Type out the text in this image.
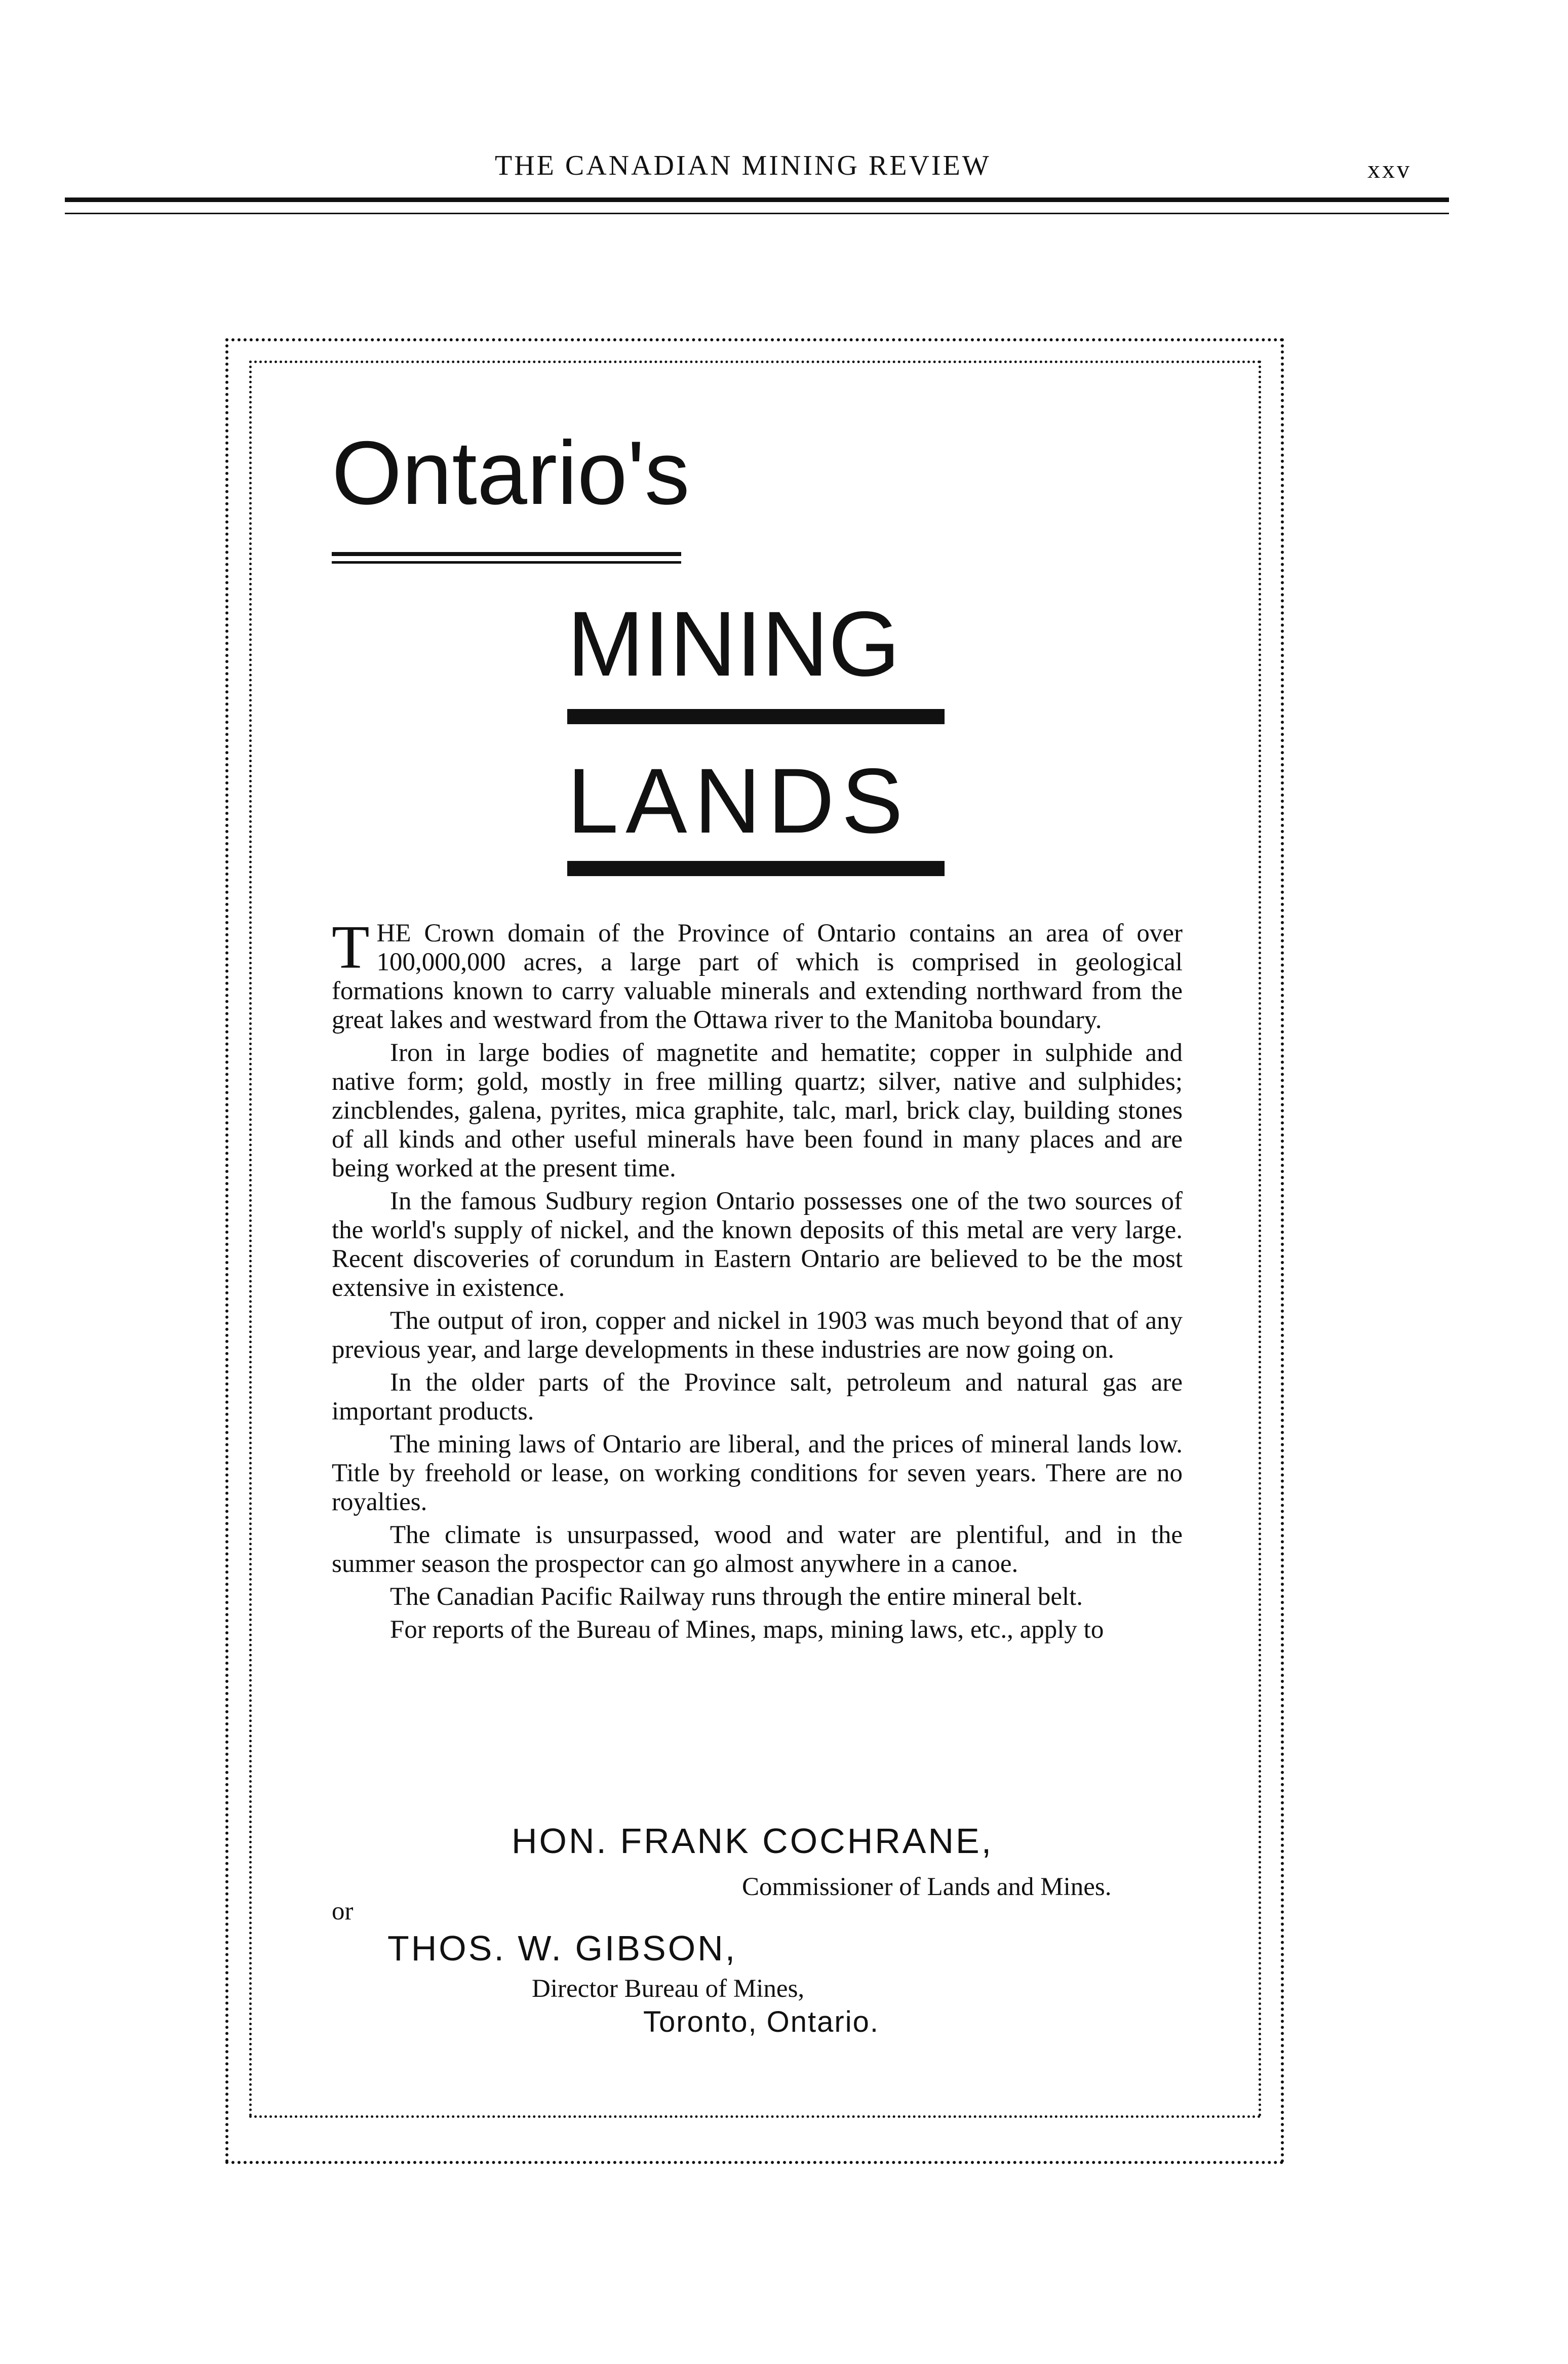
THE CANADIAN MINING REVIEW	xxv
Ontario's
MINING
LANDS

THE Crown domain of the Province of Ontario contains an area of over 100,000,000 acres, a large part of which is comprised in geological formations known to carry valuable minerals and extending northward from the great lakes and westward from the Ottawa river to the Manitoba boundary.

Iron in large bodies of magnetite and hematite; copper in sulphide and native form; gold, mostly in free milling quartz; silver, native and sulphides; zincblendes, galena, pyrites, mica graphite, talc, marl, brick clay, building stones of all kinds and other useful minerals have been found in many places and are being worked at the present time.

In the famous Sudbury region Ontario possesses one of the two sources of the world's supply of nickel, and the known deposits of this metal are very large. Recent discoveries of corundum in Eastern Ontario are believed to be the most extensive in existence.

The output of iron, copper and nickel in 1903 was much beyond that of any previous year, and large developments in these industries are now going on.

In the older parts of the Province salt, petroleum and natural gas are important products.

The mining laws of Ontario are liberal, and the prices of mineral lands low. Title by freehold or lease, on working conditions for seven years. There are no royalties.

The climate is unsurpassed, wood and water are plentiful, and in the summer season the prospector can go almost anywhere in a canoe.

The Canadian Pacific Railway runs through the entire mineral belt.

For reports of the Bureau of Mines, maps, mining laws, etc., apply to

HON. FRANK COCHRANE,
Commissioner of Lands and Mines.
or
THOS. W. GIBSON,
Director Bureau of Mines,
Toronto, Ontario.
